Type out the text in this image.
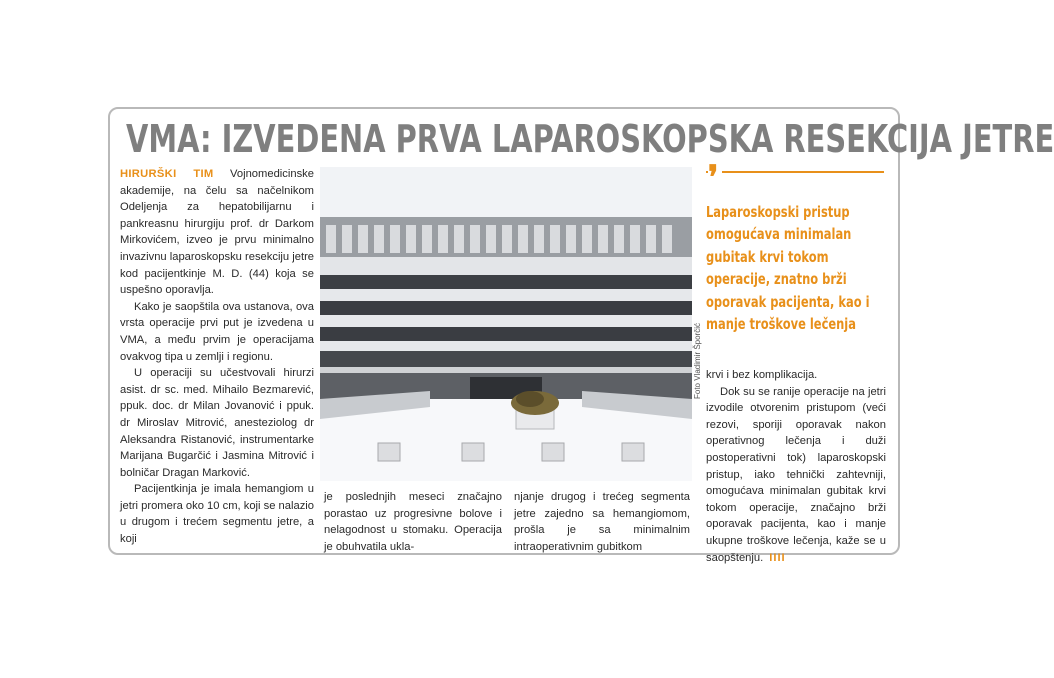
VMA: IZVEDENA PRVA LAPAROSKOPSKA RESEKCIJA JETRE

HIRURŠKI TIM Vojnomedicinske akademije, na čelu sa načelnikom Odeljenja za hepatobilijarnu i pankreasnu hirurgiju prof. dr Darkom Mirkovićem, izveo je prvu minimalno invazivnu laparoskopsku resekciju jetre kod pacijentkinje M. D. (44) koja se uspešno oporavlja.

Kako je saopštila ova ustanova, ova vrsta operacije prvi put je izvedena u VMA, a među prvim je operacijama ovakvog tipa u zemlji i regionu.

U operaciji su učestvovali hirurzi asist. dr sc. med. Mihailo Bezmarević, ppuk. doc. dr Milan Jovanović i ppuk. dr Miroslav Mitrović, anesteziolog dr Aleksandra Ristanović, instrumentarke Marijana Bugarčić i Jasmina Mitrović i bolničar Dragan Marković.

Pacijentkinja je imala hemangiom u jetri promera oko 10 cm, koji se nalazio u drugom i trećem segmentu jetre, a koji

Foto Vladimir Šporčić

je poslednjih meseci značajno porastao uz progresivne bolove i nelagodnost u stomaku. Operacija je obuhvatila ukla-

njanje drugog i trećeg segmenta jetre zajedno sa hemangiomom, prošla je sa minimalnim intraoperativnim gubitkom

❜
Laparoskopski pristup omogućava minimalan gubitak krvi tokom operacije, znatno brži oporavak pacijenta, kao i manje troškove lečenja

krvi i bez komplikacija.

Dok su se ranije operacije na jetri izvodile otvorenim pristupom (veći rezovi, sporiji oporavak nakon operativnog lečenja i duži postoperativni tok) laparoskopski pristup, iako tehnički zahtevniji, omogućava minimalan gubitak krvi tokom operacije, značajno brži oporavak pacijenta, kao i manje ukupne troškove lečenja, kaže se u saopštenju. IIII
